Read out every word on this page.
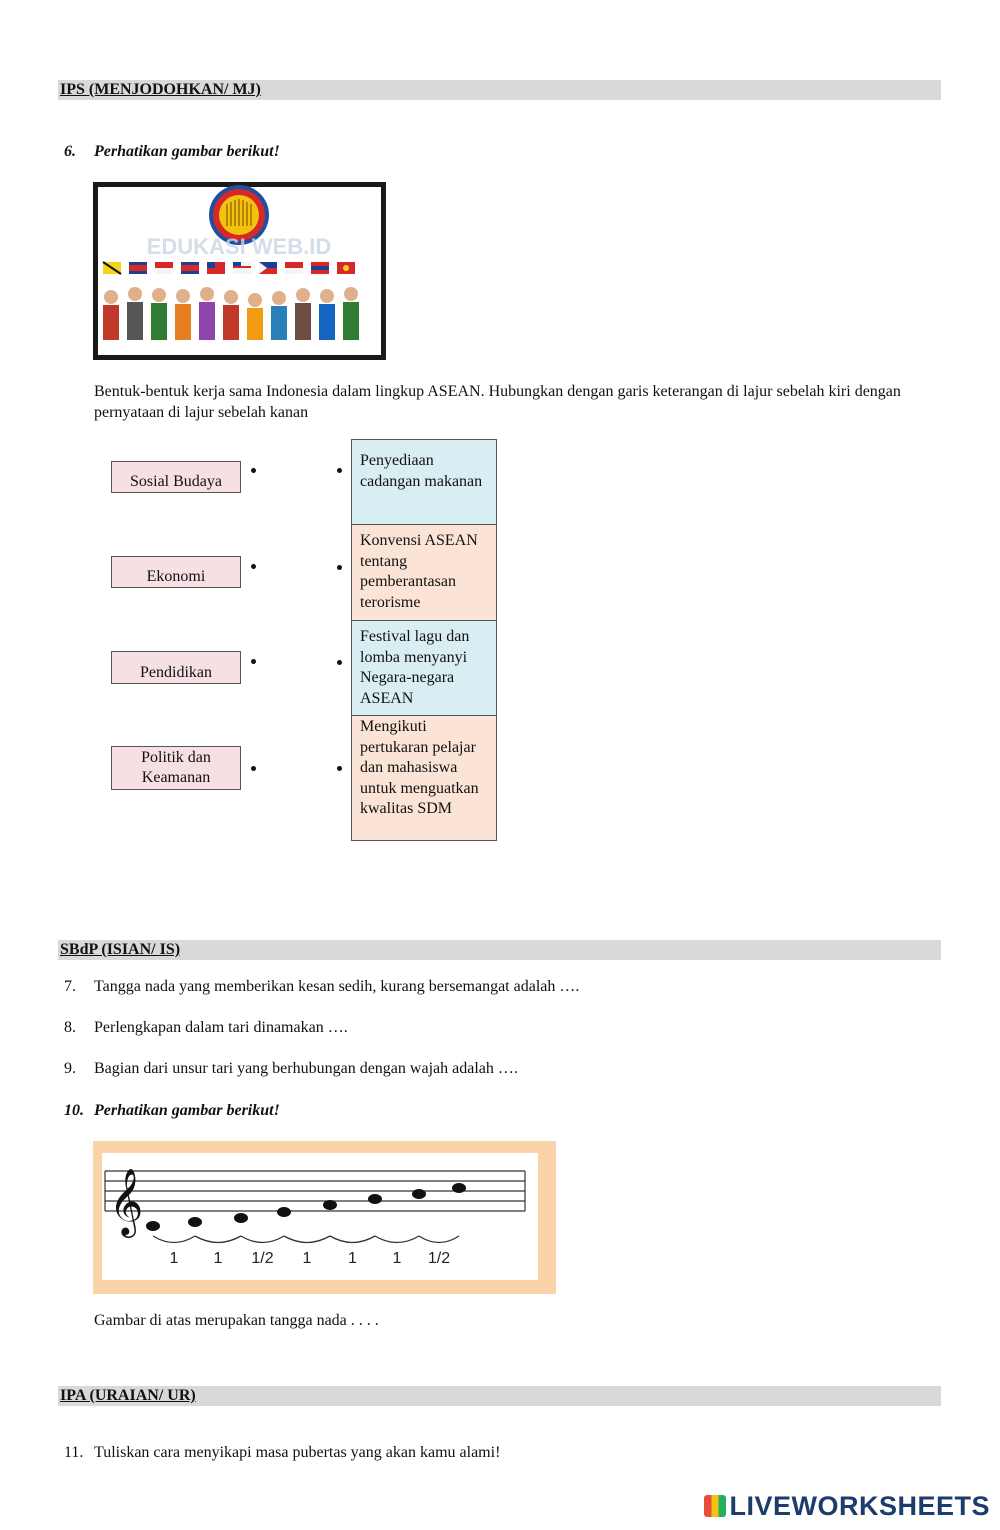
IPS (MENJODOHKAN/ MJ)
6. Perhatikan gambar berikut!
EDUKASI WEB.ID
Bentuk-bentuk kerja sama Indonesia dalam lingkup ASEAN. Hubungkan dengan garis keterangan di lajur sebelah kiri dengan pernyataan di lajur sebelah kanan
Sosial Budaya
Ekonomi
Pendidikan
Politik dan Keamanan
Penyediaan cadangan makanan
Konvensi ASEAN tentang pemberantasan terorisme
Festival lagu dan lomba menyanyi Negara-negara ASEAN
Mengikuti pertukaran pelajar dan mahasiswa untuk menguatkan kwalitas SDM
SBdP (ISIAN/ IS)
7. Tangga nada yang memberikan kesan sedih, kurang bersemangat adalah ….
8. Perlengkapan dalam tari dinamakan ….
9. Bagian dari unsur tari yang berhubungan dengan wajah adalah ….
10. Perhatikan gambar berikut!
𝄞
1 1 1/2 1 1 1 1/2
Gambar di atas merupakan tangga nada . . . .
IPA (URAIAN/ UR)
11. Tuliskan cara menyikapi masa pubertas yang akan kamu alami!
LIVEWORKSHEETS
